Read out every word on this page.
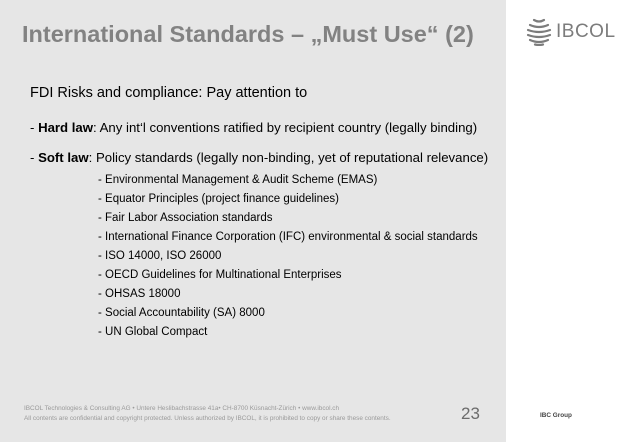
International Standards – „Must Use“ (2)	IBCOL

FDI Risks and compliance: Pay attention to

- Hard law: Any int‘l conventions ratified by recipient country (legally binding)

- Soft law: Policy standards (legally non-binding, yet of reputational relevance)

- Environmental Management & Audit Scheme (EMAS)
- Equator Principles (project finance guidelines)
- Fair Labor Association standards
- International Finance Corporation (IFC) environmental & social standards
- ISO 14000, ISO 26000
- OECD Guidelines for Multinational Enterprises
- OHSAS 18000
- Social Accountability (SA) 8000
- UN Global Compact
IBCOL Technologies & Consulting AG • Untere Heslibachstrasse 41a• CH-8700 Küsnacht-Zürich • www.ibcol.ch
All contents are confidential and copyright protected. Unless authorized by IBCOL, it is prohibited to copy or share these contents.	23	IBC Group
